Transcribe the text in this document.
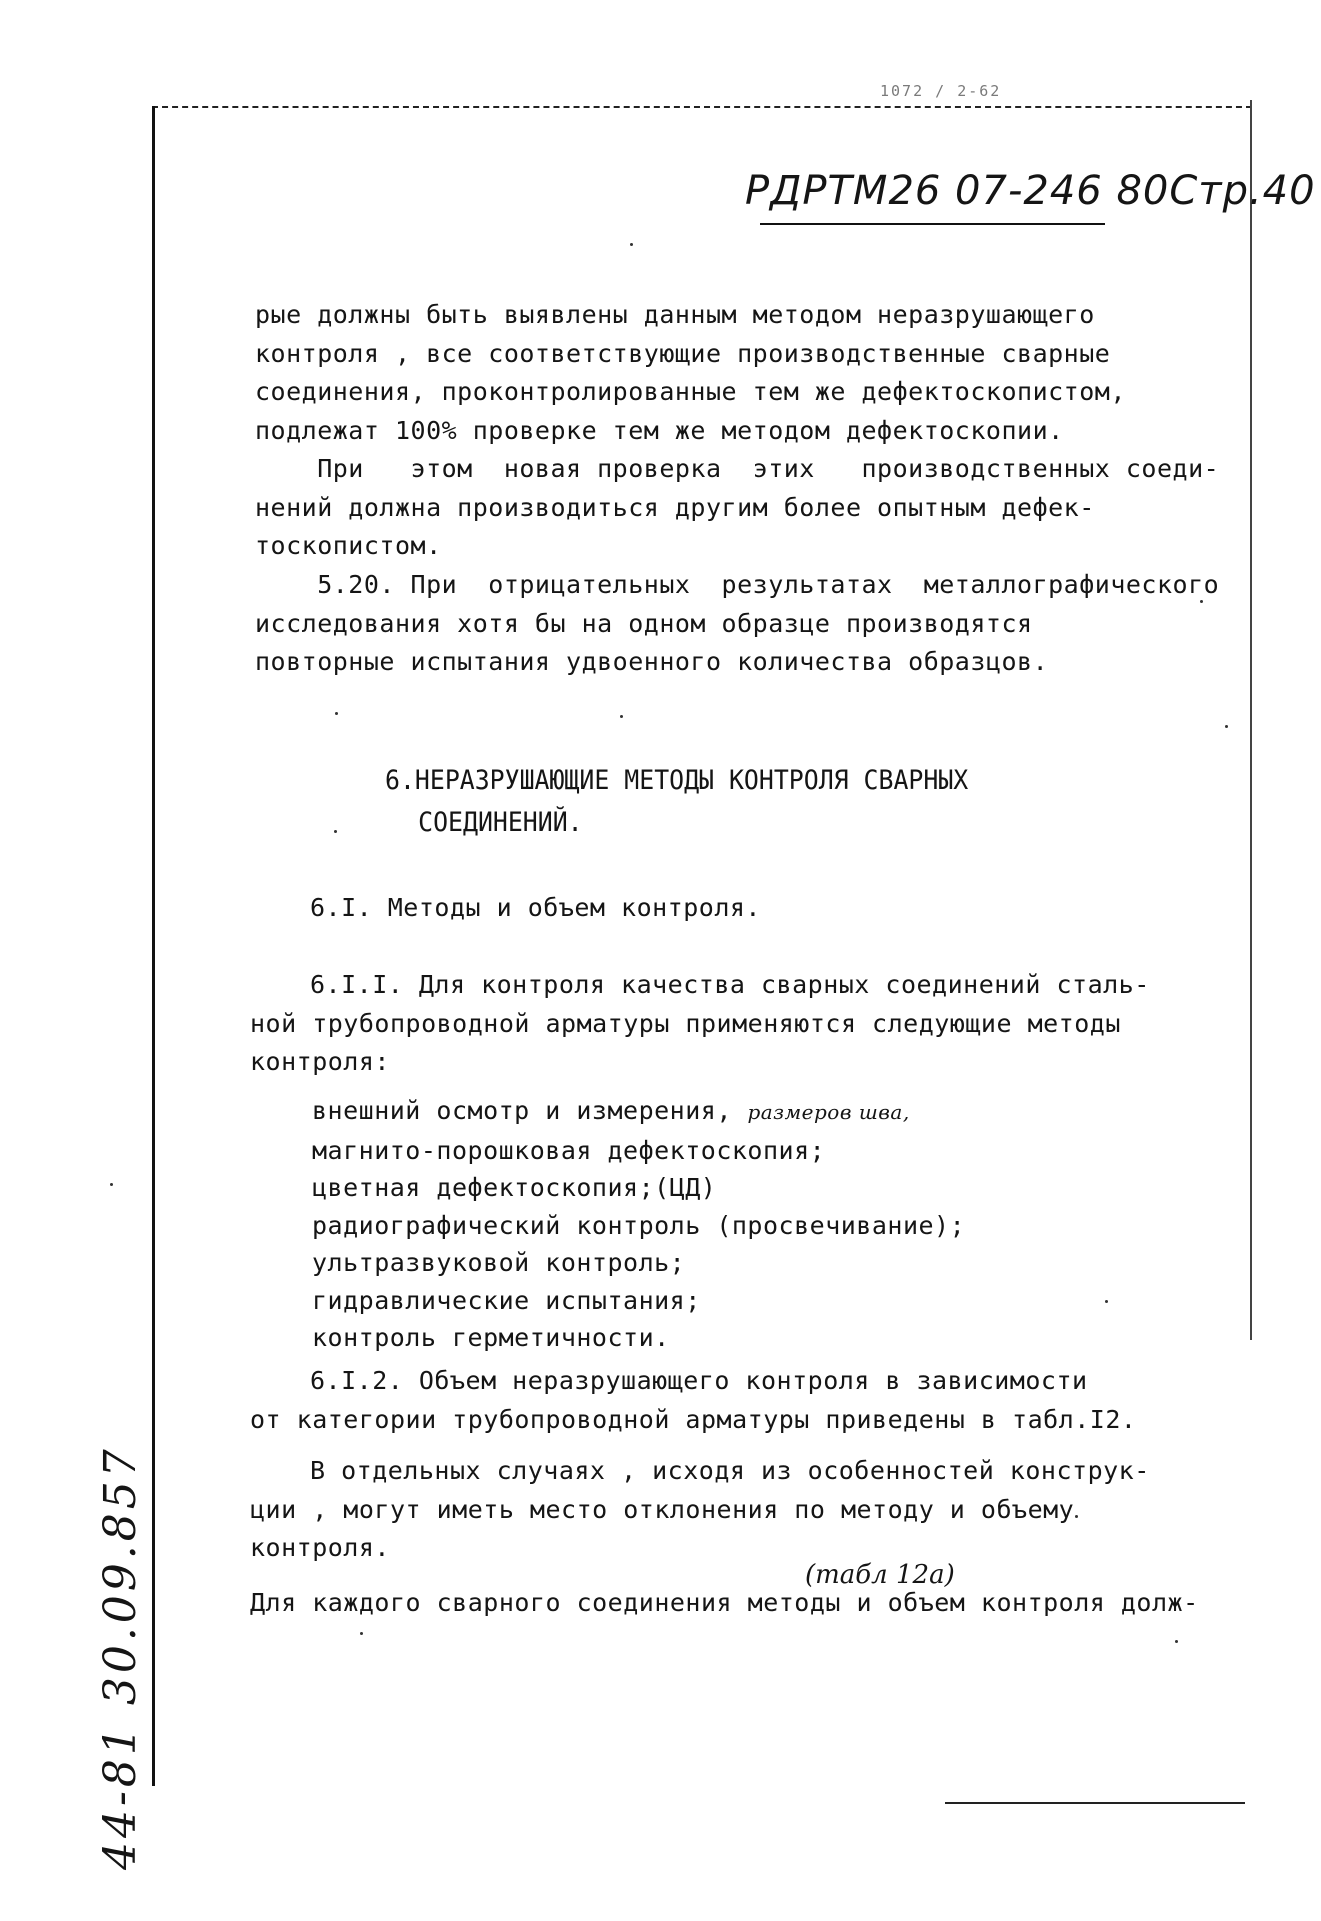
1072 / 2-62
РДРТМ26 07-246 80Стр.40
рые должны быть выявлены данным методом неразрушающего
контроля , все соответствующие производственные сварные
соединения, проконтролированные тем же дефектоскопистом,
подлежат 100% проверке тем же методом дефектоскопии.
При   этом  новая проверка  этих   производственных соеди-
нений должна производиться другим более опытным дефек-
тоскопистом.
5.20. При  отрицательных  результатах  металлографического
исследования хотя бы на одном образце производятся
повторные испытания удвоенного количества образцов.
6.НЕРАЗРУШАЮЩИЕ МЕТОДЫ КОНТРОЛЯ СВАРНЫХ
СОЕДИНЕНИЙ.
6.I. Методы и объем контроля.
6.I.I. Для контроля качества сварных соединений сталь-
ной трубопроводной арматуры применяются следующие методы
контроля:
внешний осмотр и измерения, размеров шва,
магнито-порошковая дефектоскопия;
цветная дефектоскопия;(ЦД)
радиографический контроль (просвечивание);
ультразвуковой контроль;
гидравлические испытания;
контроль герметичности.
6.I.2. Объем неразрушающего контроля в зависимости
от категории трубопроводной арматуры приведены в табл.I2.
В отдельных случаях , исходя из особенностей конструк-
ции , могут иметь место отклонения по методу и объему
контроля.
(табл 12а)
Для каждого сварного соединения методы и объем контроля долж-
44-81 30.09.857
